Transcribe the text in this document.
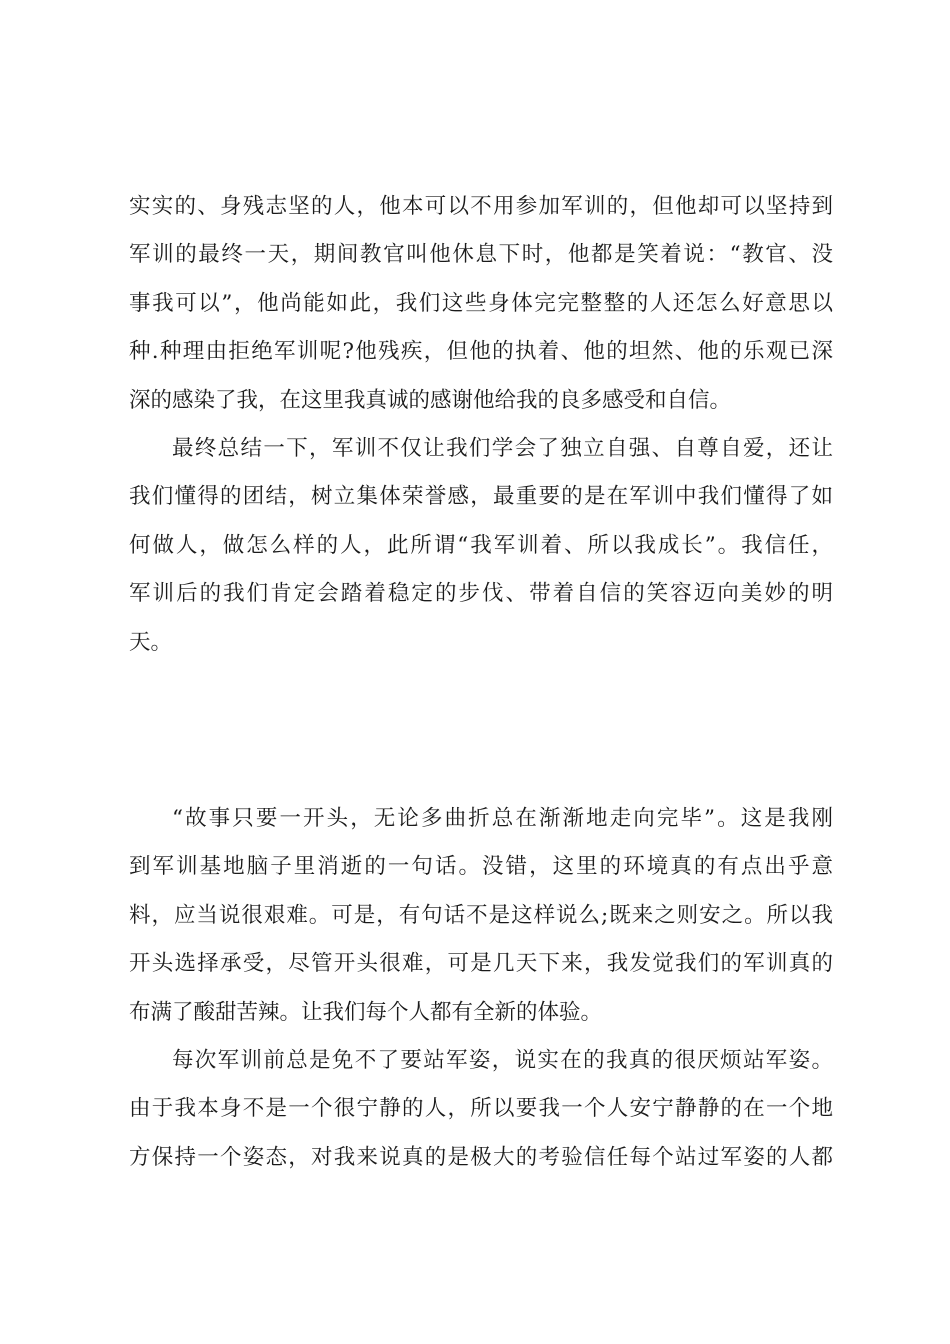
实实的、身残志坚的人，他本可以不用参加军训的，但他却可以坚持到
军训的最终一天，期间教官叫他休息下时，他都是笑着说：“教官、没
事我可以”，他尚能如此，我们这些身体完完整整的人还怎么好意思以
种.种理由拒绝军训呢?他残疾，但他的执着、他的坦然、他的乐观已深
深的感染了我，在这里我真诚的感谢他给我的良多感受和自信。
最终总结一下，军训不仅让我们学会了独立自强、自尊自爱，还让
我们懂得的团结，树立集体荣誉感，最重要的是在军训中我们懂得了如
何做人，做怎么样的人，此所谓“我军训着、所以我成长”。我信任，
军训后的我们肯定会踏着稳定的步伐、带着自信的笑容迈向美妙的明
天。
“故事只要一开头，无论多曲折总在渐渐地走向完毕”。这是我刚
到军训基地脑子里消逝的一句话。没错，这里的环境真的有点出乎意
料，应当说很艰难。可是，有句话不是这样说么;既来之则安之。所以我
开头选择承受，尽管开头很难，可是几天下来，我发觉我们的军训真的
布满了酸甜苦辣。让我们每个人都有全新的体验。
每次军训前总是免不了要站军姿，说实在的我真的很厌烦站军姿。
由于我本身不是一个很宁静的人，所以要我一个人安宁静静的在一个地
方保持一个姿态，对我来说真的是极大的考验信任每个站过军姿的人都
